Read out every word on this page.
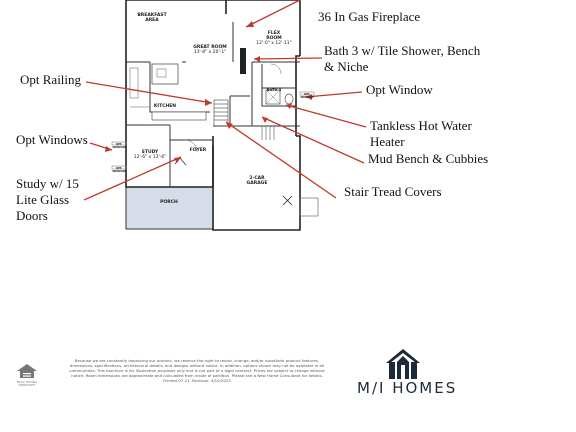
BREAKFAST AREA
GREAT ROOM
13'-8" x 20'-1"
FLEX ROOM
12'-0" x 12'-11"
KITCHEN
BATH 3
STUDY
12'-6" x 13'-6"
FOYER
PORCH
2-CAR GARAGE
OPT. WINDOW
OPT. WINDOW
OPT. WINDOW
36 In Gas Fireplace
Bath 3 w/ Tile Shower, Bench & Niche
Opt Railing
Opt Window
Tankless Hot Water Heater
Mud Bench & Cubbies
Opt Windows
Study w/ 15 Lite Glass Doors
Stair Tread Covers
Because we are constantly improving our product, we reserve the right to revise, change, and/or substitute product features, dimensions, specifications, architectural details, and designs without notice. In addition, options shown may not be available in all communities. This brochure is for illustration purposes only and is not part of a legal contract. Prices are subject to change without notice. Room dimensions are approximate and calculated from inside of partition. Please see a New Home Consultant for details. Printed 07-21. Revision: 4/10/2023	M/I HOMES
EQUAL HOUSING OPPORTUNITY
